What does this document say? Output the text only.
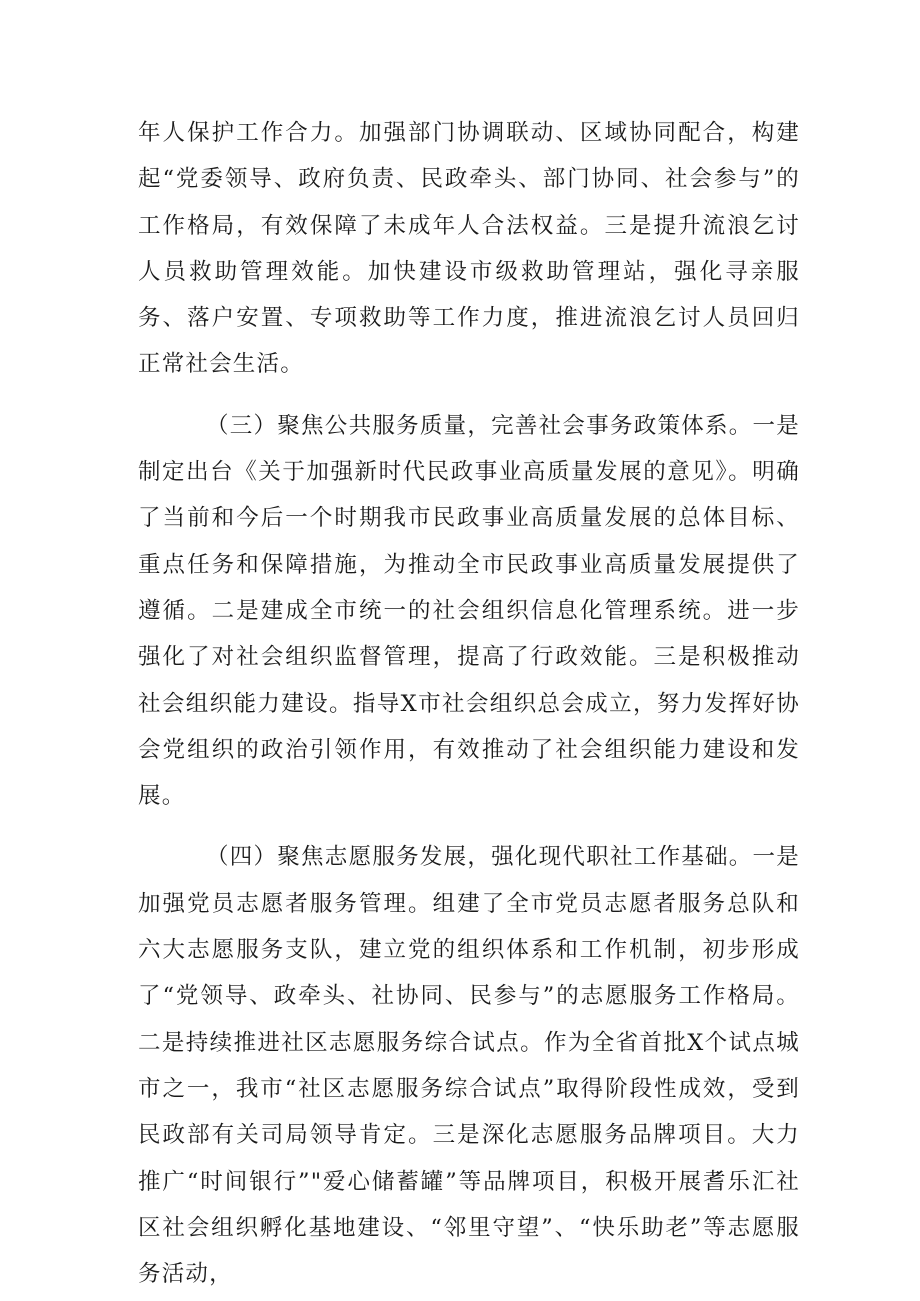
年人保护工作合力。加强部门协调联动、区域协同配合，构建起“党委领导、政府负责、民政牵头、部门协同、社会参与”的工作格局，有效保障了未成年人合法权益。三是提升流浪乞讨人员救助管理效能。加快建设市级救助管理站，强化寻亲服务、落户安置、专项救助等工作力度，推进流浪乞讨人员回归正常社会生活。

（三）聚焦公共服务质量，完善社会事务政策体系。一是制定出台《关于加强新时代民政事业高质量发展的意见》。明确了当前和今后一个时期我市民政事业高质量发展的总体目标、重点任务和保障措施，为推动全市民政事业高质量发展提供了遵循。二是建成全市统一的社会组织信息化管理系统。进一步强化了对社会组织监督管理，提高了行政效能。三是积极推动社会组织能力建设。指导X市社会组织总会成立，努力发挥好协会党组织的政治引领作用，有效推动了社会组织能力建设和发展。

（四）聚焦志愿服务发展，强化现代职社工作基础。一是加强党员志愿者服务管理。组建了全市党员志愿者服务总队和六大志愿服务支队，建立党的组织体系和工作机制，初步形成了“党领导、政牵头、社协同、民参与”的志愿服务工作格局。二是持续推进社区志愿服务综合试点。作为全省首批X个试点城市之一，我市“社区志愿服务综合试点”取得阶段性成效，受到民政部有关司局领导肯定。三是深化志愿服务品牌项目。大力推广“时间银行”"爱心储蓄罐”等品牌项目，积极开展耆乐汇社区社会组织孵化基地建设、“邻里守望”、“快乐助老”等志愿服务活动，
